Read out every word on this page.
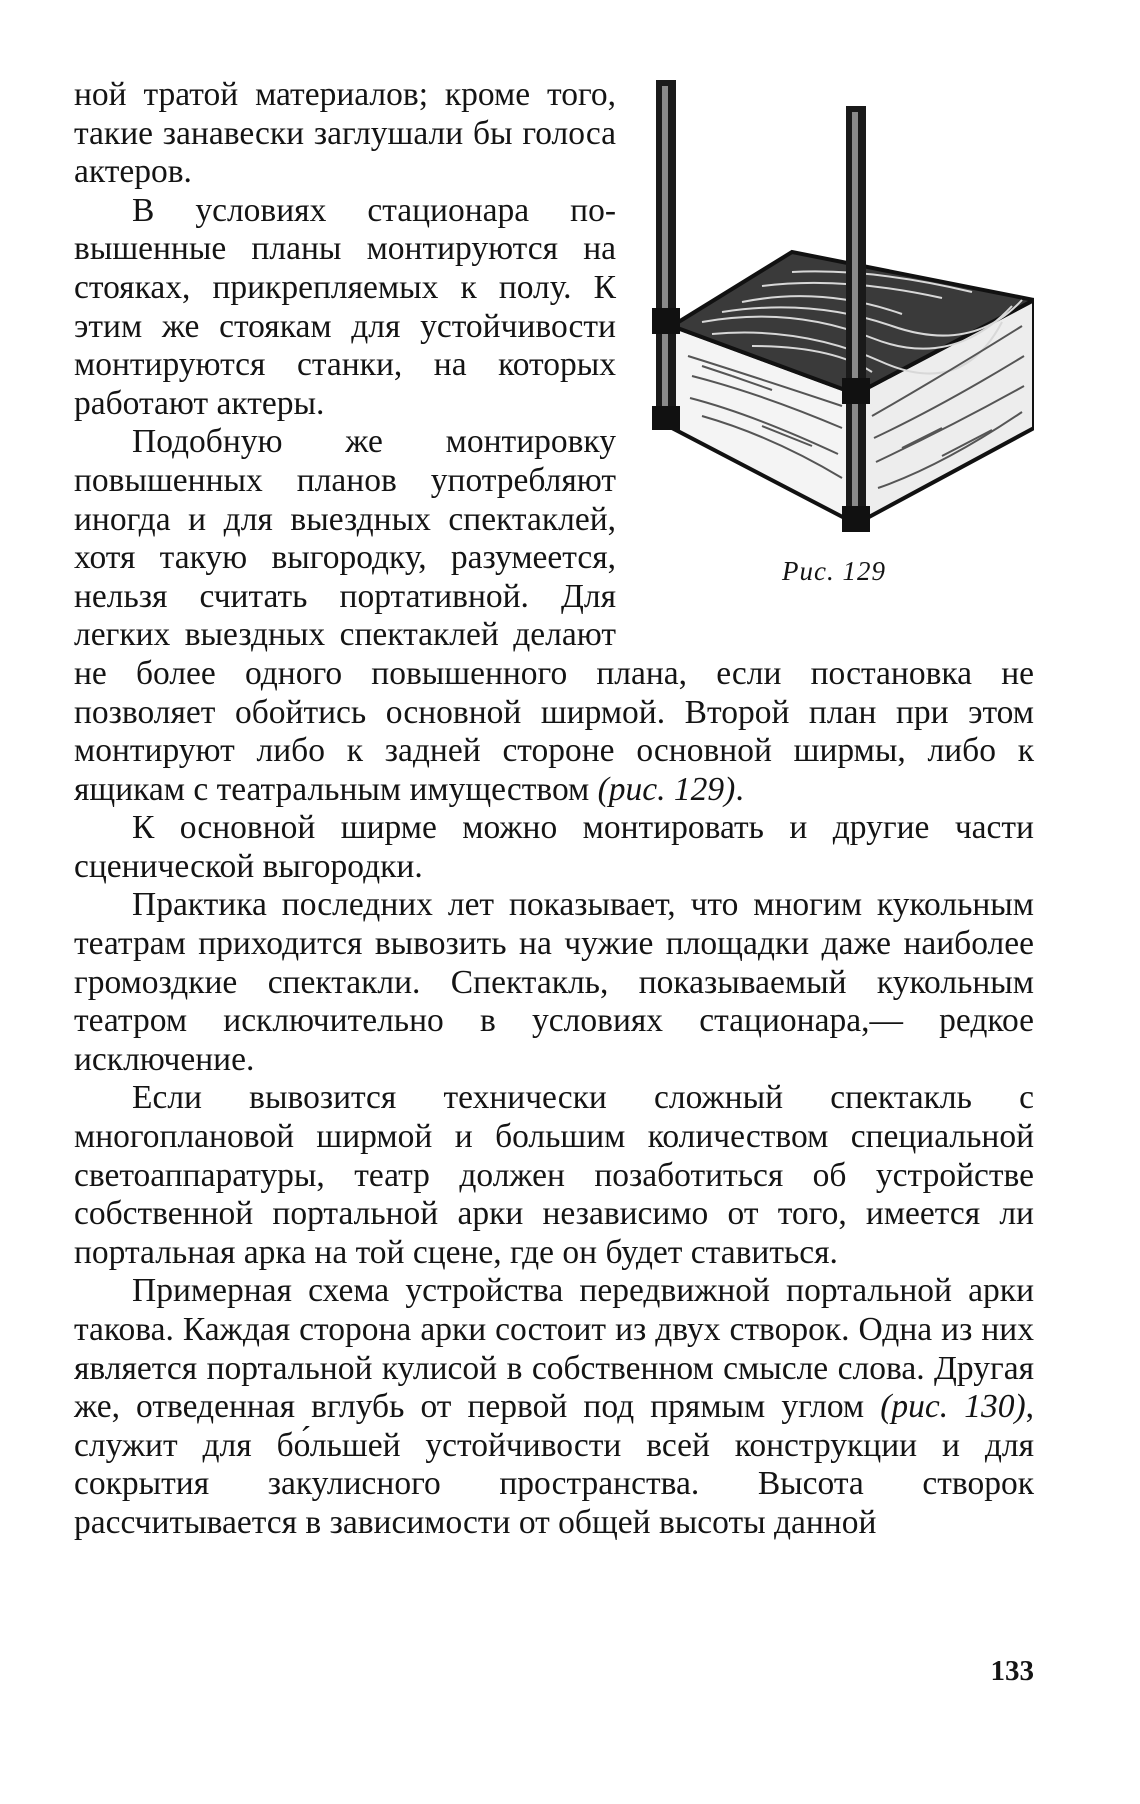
Рис. 129

ной тратой материалов; кроме того, такие занавески заглушали бы голоса актеров.

В условиях стационара повышенные планы монтируются на стояках, прикрепляемых к полу. К этим же стоякам для устойчивости монтируются станки, на которых работают актеры.

Подобную же монтировку повышенных планов употребляют иногда и для выездных спектаклей, хотя такую выгородку, разумеется, нельзя считать портативной. Для легких выездных спектаклей делают не более одного повышенного плана, если постановка не позволяет обойтись основной ширмой. Второй план при этом монтируют либо к задней стороне основной ширмы, либо к ящикам с театральным имуществом (рис. 129).

К основной ширме можно монтировать и другие части сценической выгородки.

Практика последних лет показывает, что многим кукольным театрам приходится вывозить на чужие площадки даже наиболее громоздкие спектакли. Спектакль, показываемый кукольным театром исключительно в условиях стационара,— редкое исключение.

Если вывозится технически сложный спектакль с многоплановой ширмой и большим количеством специальной светоаппаратуры, театр должен позаботиться об устройстве собственной портальной арки независимо от того, имеется ли портальная арка на той сцене, где он будет ставиться.

Примерная схема устройства передвижной портальной арки такова. Каждая сторона арки состоит из двух створок. Одна из них является портальной кулисой в собственном смысле слова. Другая же, отведенная вглубь от первой под прямым углом (рис. 130), служит для бо́льшей устойчивости всей конструкции и для сокрытия закулисного пространства. Высота створок рассчитывается в зависимости от общей высоты данной

133
